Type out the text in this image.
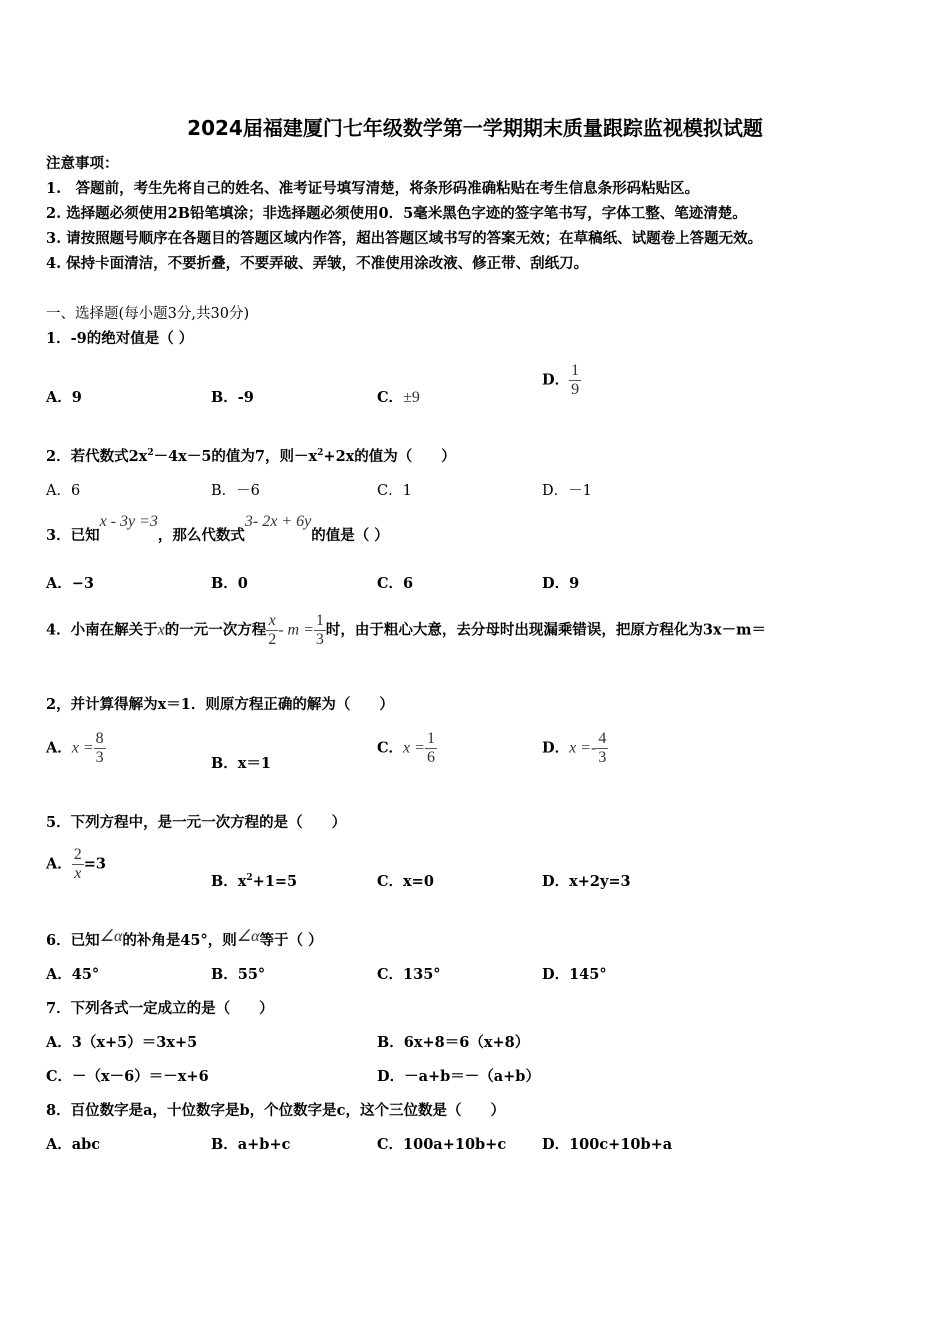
2024届福建厦门七年级数学第一学期期末质量跟踪监视模拟试题
注意事项：
1.　答题前，考生先将自己的姓名、准考证号填写清楚，将条形码准确粘贴在考生信息条形码粘贴区。
2. 选择题必须使用2B铅笔填涂；非选择题必须使用0．5毫米黑色字迹的签字笔书写，字体工整、笔迹清楚。
3. 请按照题号顺序在各题目的答题区域内作答，超出答题区域书写的答案无效；在草稿纸、试题卷上答题无效。
4. 保持卡面清洁，不要折叠，不要弄破、弄皱，不准使用涂改液、修正带、刮纸刀。
一、选择题(每小题3分,共30分)
1．-9的绝对值是（ ）
A．9	B．-9	C．±9
D． $\frac{1}{9}$
2．若代数式$2x^2-4x-5$的值为7，则$-x^2+2x$的值为（　　）
A．6	B．－6	C．1	D．－1
3．已知x - 3y =3，那么代数式3- 2x + 6y的值是（ ）
A．−3	B．0	C．6	D．9
4．小南在解关于x的一元一次方程 $\frac{x}{2} - m = \frac{1}{3}$ 时，由于粗心大意，去分母时出现漏乘错误，把原方程化为3x－m＝
2，并计算得解为x＝1．则原方程正确的解为（　　）
A．$x = \frac{8}{3}$	B．x＝1
C．$x = \frac{1}{6}$	D．$x =- \frac{4}{3}$
5．下列方程中，是一元一次方程的是（　　）
A． $\frac{2}{x} =3$
B．$x^2+1=5$	C．x=0	D．x+2y=3
6．已知∠α的补角是45°，则∠α等于（ ）
A．45°	B．55°	C．135°	D．145°
7．下列各式一定成立的是（　　）
A．3（x+5）＝3x+5	B．6x+8＝6（x+8）
C．－（x－6）＝－x+6	D．－a+b＝－（a+b）
8．百位数字是a，十位数字是b，个位数字是c，这个三位数是（　　）
A．abc	B．a+b+c	C．100a+10b+c D．100c+10b+a
